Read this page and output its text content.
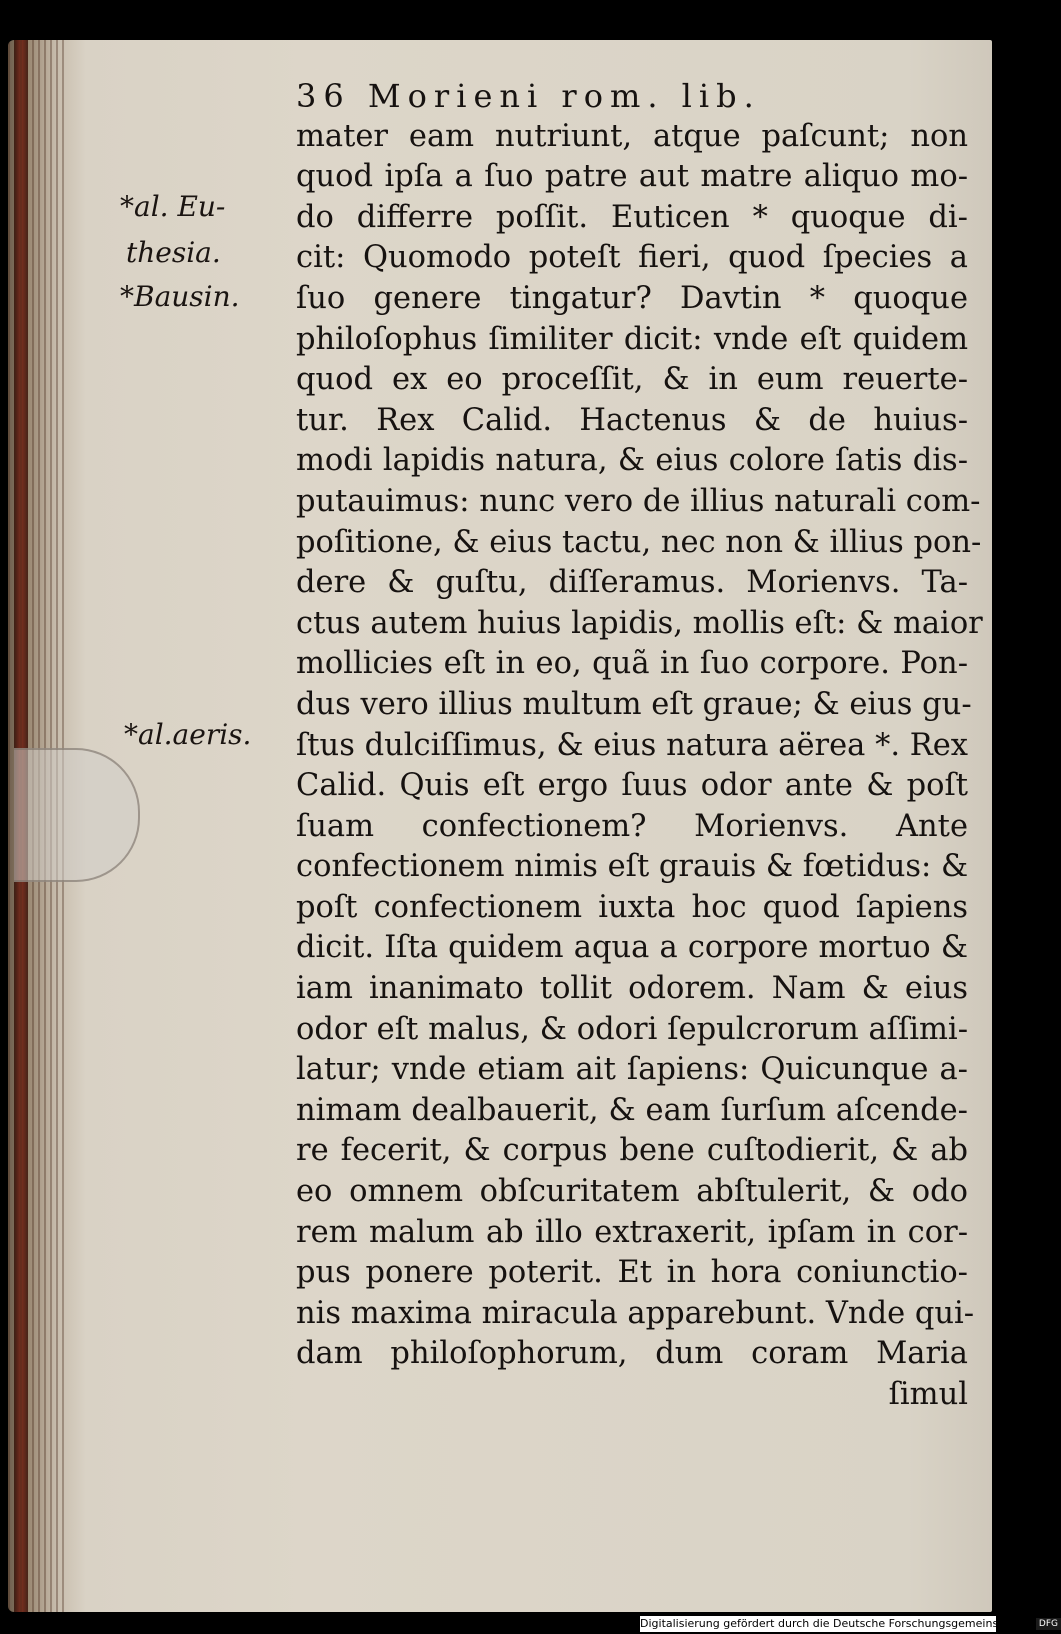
*al. Eu-
thesia.
*Bausin.
*al.aeris.
36 Morieni rom. lib.
mater eam nutriunt, atque paſcunt; non
quod ipſa a ſuo patre aut matre aliquo mo-
do differre poſſit. Euticen * quoque di-
cit: Quomodo poteſt fieri, quod ſpecies a
ſuo genere tingatur? Davtin * quoque
philoſophus ſimiliter dicit: vnde eſt quidem
quod ex eo proceſſit, & in eum reuerte-
tur. Rex Calid. Hactenus & de huius-
modi lapidis natura, & eius colore ſatis dis-
putauimus: nunc vero de illius naturali com-
poſitione, & eius tactu, nec non & illius pon-
dere & guſtu, diſſeramus. Morienvs. Ta-
ctus autem huius lapidis, mollis eſt: & maior
mollicies eſt in eo, quã in ſuo corpore. Pon-
dus vero illius multum eſt graue; & eius gu-
ſtus dulciſſimus, & eius natura aërea *. Rex
Calid. Quis eſt ergo ſuus odor ante & poſt
ſuam confectionem? Morienvs. Ante
confectionem nimis eſt grauis & fœtidus: &
poſt confectionem iuxta hoc quod ſapiens
dicit. Iſta quidem aqua a corpore mortuo &
iam inanimato tollit odorem. Nam & eius
odor eſt malus, & odori ſepulcrorum aſſimi-
latur; vnde etiam ait ſapiens: Quicunque a-
nimam dealbauerit, & eam ſurſum aſcende-
re fecerit, & corpus bene cuſtodierit, & ab
eo omnem obſcuritatem abſtulerit, & odo
rem malum ab illo extraxerit, ipſam in cor-
pus ponere poterit. Et in hora coniunctio-
nis maxima miracula apparebunt. Vnde qui-
dam philoſophorum, dum coram Maria
ſimul
Digitalisierung gefördert durch die Deutsche Forschungsgemeinschaft · DFG
